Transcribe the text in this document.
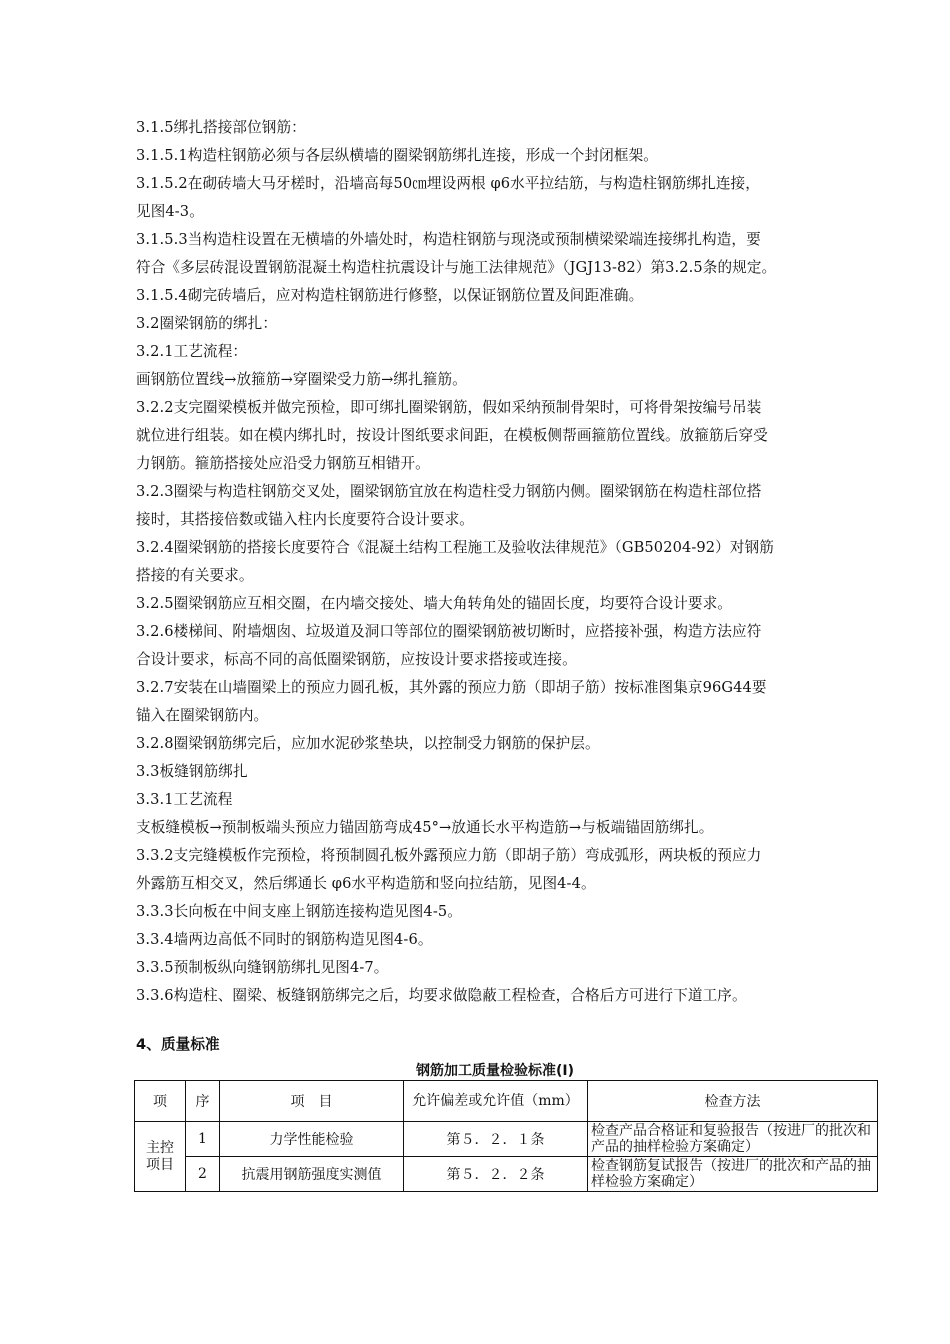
3.1.5绑扎搭接部位钢筋：
3.1.5.1构造柱钢筋必须与各层纵横墙的圈梁钢筋绑扎连接，形成一个封闭框架。
3.1.5.2在砌砖墙大马牙槎时，沿墙高每50㎝埋设两根 φ6水平拉结筋，与构造柱钢筋绑扎连接，
见图4-3。
3.1.5.3当构造柱设置在无横墙的外墙处时，构造柱钢筋与现浇或预制横梁梁端连接绑扎构造，要
符合《多层砖混设置钢筋混凝土构造柱抗震设计与施工法律规范》（JGJ13-82）第3.2.5条的规定。
3.1.5.4砌完砖墙后，应对构造柱钢筋进行修整，以保证钢筋位置及间距准确。
3.2圈梁钢筋的绑扎：
3.2.1工艺流程：
画钢筋位置线→放箍筋→穿圈梁受力筋→绑扎箍筋。
3.2.2支完圈梁模板并做完预检，即可绑扎圈梁钢筋，假如采纳预制骨架时，可将骨架按编号吊装
就位进行组装。如在模内绑扎时，按设计图纸要求间距，在模板侧帮画箍筋位置线。放箍筋后穿受
力钢筋。箍筋搭接处应沿受力钢筋互相错开。
3.2.3圈梁与构造柱钢筋交叉处，圈梁钢筋宜放在构造柱受力钢筋内侧。圈梁钢筋在构造柱部位搭
接时，其搭接倍数或锚入柱内长度要符合设计要求。
3.2.4圈梁钢筋的搭接长度要符合《混凝土结构工程施工及验收法律规范》（GB50204-92）对钢筋
搭接的有关要求。
3.2.5圈梁钢筋应互相交圈，在内墙交接处、墙大角转角处的锚固长度，均要符合设计要求。
3.2.6楼梯间、附墙烟囱、垃圾道及洞口等部位的圈梁钢筋被切断时，应搭接补强，构造方法应符
合设计要求，标高不同的高低圈梁钢筋，应按设计要求搭接或连接。
3.2.7安装在山墙圈梁上的预应力圆孔板，其外露的预应力筋（即胡子筋）按标准图集京96G44要
锚入在圈梁钢筋内。
3.2.8圈梁钢筋绑完后，应加水泥砂浆垫块，以控制受力钢筋的保护层。
3.3板缝钢筋绑扎
3.3.1工艺流程
支板缝模板→预制板端头预应力锚固筋弯成45°→放通长水平构造筋→与板端锚固筋绑扎。
3.3.2支完缝模板作完预检，将预制圆孔板外露预应力筋（即胡子筋）弯成弧形，两块板的预应力
外露筋互相交叉，然后绑通长 φ6水平构造筋和竖向拉结筋，见图4-4。
3.3.3长向板在中间支座上钢筋连接构造见图4-5。
3.3.4墙两边高低不同时的钢筋构造见图4-6。
3.3.5预制板纵向缝钢筋绑扎见图4-7。
3.3.6构造柱、圈梁、板缝钢筋绑完之后，均要求做隐蔽工程检查，合格后方可进行下道工序。
4、质量标准
钢筋加工质量检验标准(I)
项	序	项　目	允许偏差或允许值（mm）	检查方法
主控项目	1	力学性能检验	第５．２．１条	检查产品合格证和复验报告（按进厂的批次和产品的抽样检验方案确定）
	2	抗震用钢筋强度实测值	第５．２．２条	检查钢筋复试报告（按进厂的批次和产品的抽样检验方案确定）
